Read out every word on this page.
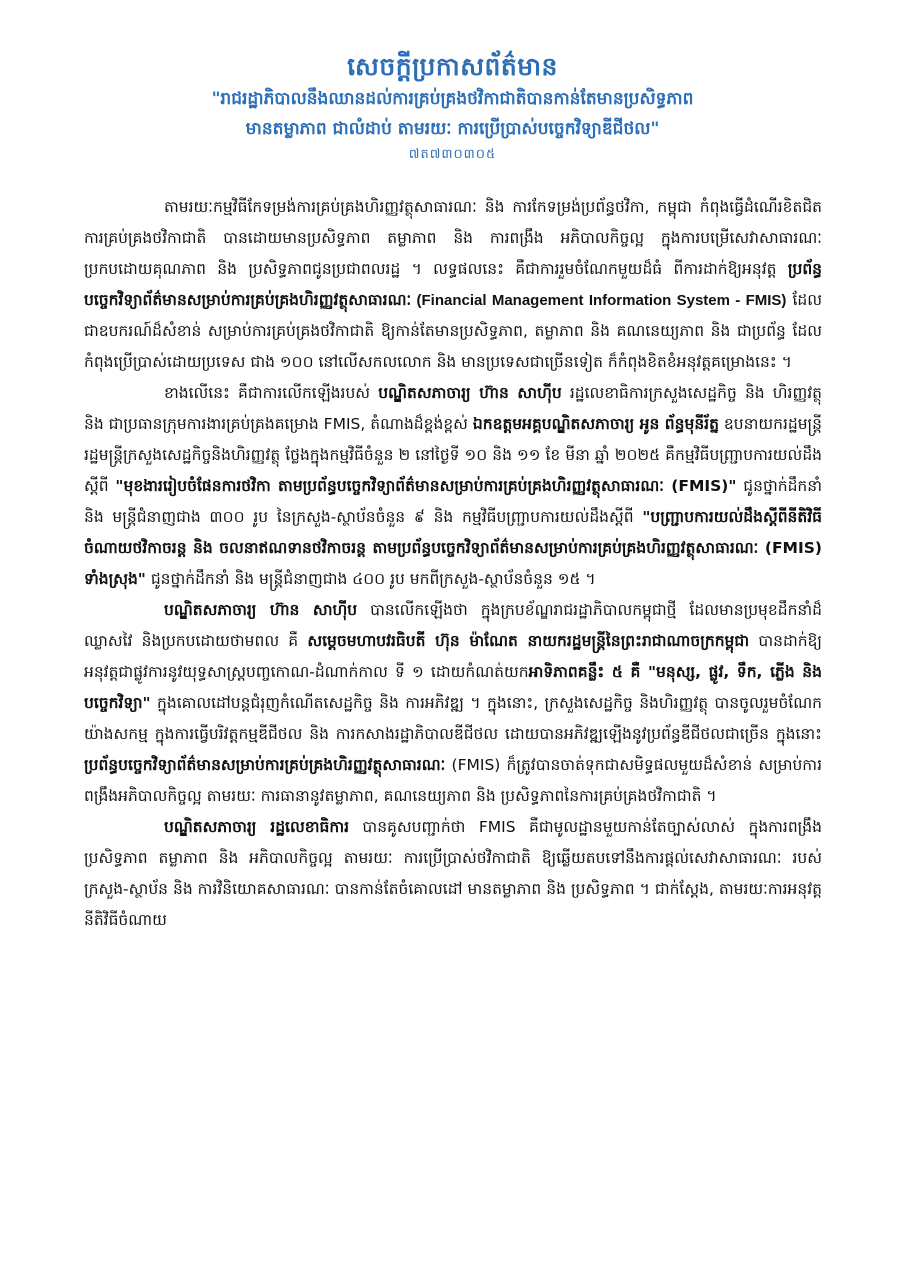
សេចក្តីប្រកាសព័ត៌មាន
"រាជរដ្ឋាភិបាលនឹងឈានដល់ការគ្រប់គ្រងថវិកាជាតិបានកាន់តែមានប្រសិទ្ធភាព
មានតម្លាភាព ជាលំដាប់ តាមរយៈ ការប្រើប្រាស់បច្ចេកវិទ្យាឌីជីថល"
៧ត៧៣០៣០៥

តាមរយៈកម្មវិធីកែទម្រង់ការគ្រប់គ្រងហិរញ្ញវត្ថុសាធារណៈ និង ការកែទម្រង់ប្រព័ន្ធថវិកា, កម្ពុជា កំពុងធ្វើដំណើរខិតជិតការគ្រប់គ្រងថវិកាជាតិ បានដោយមានប្រសិទ្ធភាព តម្លាភាព និង ការពង្រឹង អភិបាលកិច្ចល្អ ក្នុងការបម្រើសេវាសាធារណៈ ប្រកបដោយគុណភាព និង ប្រសិទ្ធភាពជូនប្រជាពលរដ្ឋ ។ លទ្ធផលនេះ គឺជាការរួមចំណែកមួយដ៏ធំ ពីការដាក់ឱ្យអនុវត្ត ប្រព័ន្ធបច្ចេកវិទ្យាព័ត៌មានសម្រាប់ការគ្រប់គ្រងហិរញ្ញវត្ថុសាធារណៈ (Financial Management Information System - FMIS) ដែលជាឧបករណ៍ដ៏សំខាន់ សម្រាប់ការគ្រប់គ្រងថវិកាជាតិ ឱ្យកាន់តែមានប្រសិទ្ធភាព, តម្លាភាព និង គណនេយ្យភាព និង ជាប្រព័ន្ធ ដែលកំពុងប្រើប្រាស់ដោយប្រទេស ជាង ១០០ នៅលើសកលលោក និង មានប្រទេសជាច្រើនទៀត ក៏កំពុងខិតខំអនុវត្តគម្រោងនេះ ។

ខាងលើនេះ គឺជាការលើកឡើងរបស់ បណ្ឌិតសភាចារ្យ ហ៊ាន សាហ៊ីប រដ្ឋលេខាធិការក្រសួងសេដ្ឋកិច្ច និង ហិរញ្ញវត្ថុ និង ជាប្រធានក្រុមការងារគ្រប់គ្រងគម្រោង FMIS, តំណាងដ៏ខ្ពង់ខ្ពស់ ឯកឧត្តមអគ្គបណ្ឌិតសភាចារ្យ អូន ព័ន្ធមុនីរ័ត្ន ឧបនាយករដ្ឋមន្ត្រី រដ្ឋមន្ត្រីក្រសួងសេដ្ឋកិច្ចនិងហិរញ្ញវត្ថុ ថ្លែងក្នុងកម្មវិធីចំនួន ២ នៅថ្ងៃទី ១០ និង ១១ ខែ មីនា ឆ្នាំ ២០២៥ គឺកម្មវិធីបញ្ជ្រាបការយល់ដឹងស្តីពី "មុខងាររៀបចំផែនការថវិកា តាមប្រព័ន្ធបច្ចេកវិទ្យាព័ត៌មានសម្រាប់ការគ្រប់គ្រងហិរញ្ញវត្ថុសាធារណៈ (FMIS)" ជូនថ្នាក់ដឹកនាំ និង មន្ត្រីជំនាញជាង ៣០០ រូប នៃក្រសួង-ស្ថាប័នចំនួន ៩ និង កម្មវិធីបញ្ជ្រាបការយល់ដឹងស្តីពី "បញ្ជ្រាបការយល់ដឹងស្តីពីនីតិវិធីចំណាយថវិកាចរន្ត និង ចលនាឥណទានថវិកាចរន្ត តាមប្រព័ន្ធបច្ចេកវិទ្យាព័ត៌មានសម្រាប់ការគ្រប់គ្រងហិរញ្ញវត្ថុសាធារណៈ (FMIS) ទាំងស្រុង" ជូនថ្នាក់ដឹកនាំ និង មន្ត្រីជំនាញជាង ៤០០ រូប មកពីក្រសួង-ស្ថាប័នចំនួន ១៥ ។

បណ្ឌិតសភាចារ្យ ហ៊ាន សាហ៊ីប បានលើកឡើងថា ក្នុងក្របខ័ណ្ឌរាជរដ្ឋាភិបាលកម្ពុជាថ្មី ដែលមានប្រមុខដឹកនាំដ៏ឈ្លាសវៃ និងប្រកបដោយថាមពល គឺ សម្តេចមហាបវរធិបតី ហ៊ុន ម៉ាណែត នាយករដ្ឋមន្ត្រីនៃព្រះរាជាណាចក្រកម្ពុជា បានដាក់ឱ្យអនុវត្តជាផ្លូវការនូវយុទ្ធសាស្ត្របញ្ចកោណ-ដំណាក់កាល ទី ១ ដោយកំណត់យកអាទិភាពគន្លឹះ ៥ គឺ "មនុស្ស, ផ្លូវ, ទឹក, ភ្លើង និង បច្ចេកវិទ្យា" ក្នុងគោលដៅបន្តជំរុញកំណើតសេដ្ឋកិច្ច និង ការអភិវឌ្ឍ ។ ក្នុងនោះ, ក្រសួងសេដ្ឋកិច្ច និងហិរញ្ញវត្ថុ បានចូលរួមចំណែកយ៉ាងសកម្ម ក្នុងការធ្វើបរិវត្តកម្មឌីជីថល និង ការកសាងរដ្ឋាភិបាលឌីជីថល ដោយបានអភិវឌ្ឍឡើងនូវប្រព័ន្ធឌីជីថលជាច្រើន ក្នុងនោះ ប្រព័ន្ធបច្ចេកវិទ្យាព័ត៌មានសម្រាប់ការគ្រប់គ្រងហិរញ្ញវត្ថុសាធារណៈ (FMIS) ក៏ត្រូវបានចាត់ទុកជាសមិទ្ធផលមួយដ៏សំខាន់ សម្រាប់ការពង្រឹងអភិបាលកិច្ចល្អ តាមរយៈ ការធានានូវតម្លាភាព, គណនេយ្យភាព និង ប្រសិទ្ធភាពនៃការគ្រប់គ្រងថវិកាជាតិ ។

បណ្ឌិតសភាចារ្យ រដ្ឋលេខាធិការ បានគូសបញ្ជាក់ថា FMIS គឺជាមូលដ្ឋានមួយកាន់តែច្បាស់លាស់ ក្នុងការពង្រឹងប្រសិទ្ធភាព តម្លាភាព និង អភិបាលកិច្ចល្អ តាមរយៈ ការប្រើប្រាស់ថវិកាជាតិ ឱ្យឆ្លើយតបទៅនឹងការផ្តល់សេវាសាធារណៈ របស់ក្រសួង-ស្ថាប័ន និង ការវិនិយោគសាធារណៈ បានកាន់តែចំគោលដៅ មានតម្លាភាព និង ប្រសិទ្ធភាព ។ ជាក់ស្តែង, តាមរយៈការអនុវត្តនីតិវិធីចំណាយ
